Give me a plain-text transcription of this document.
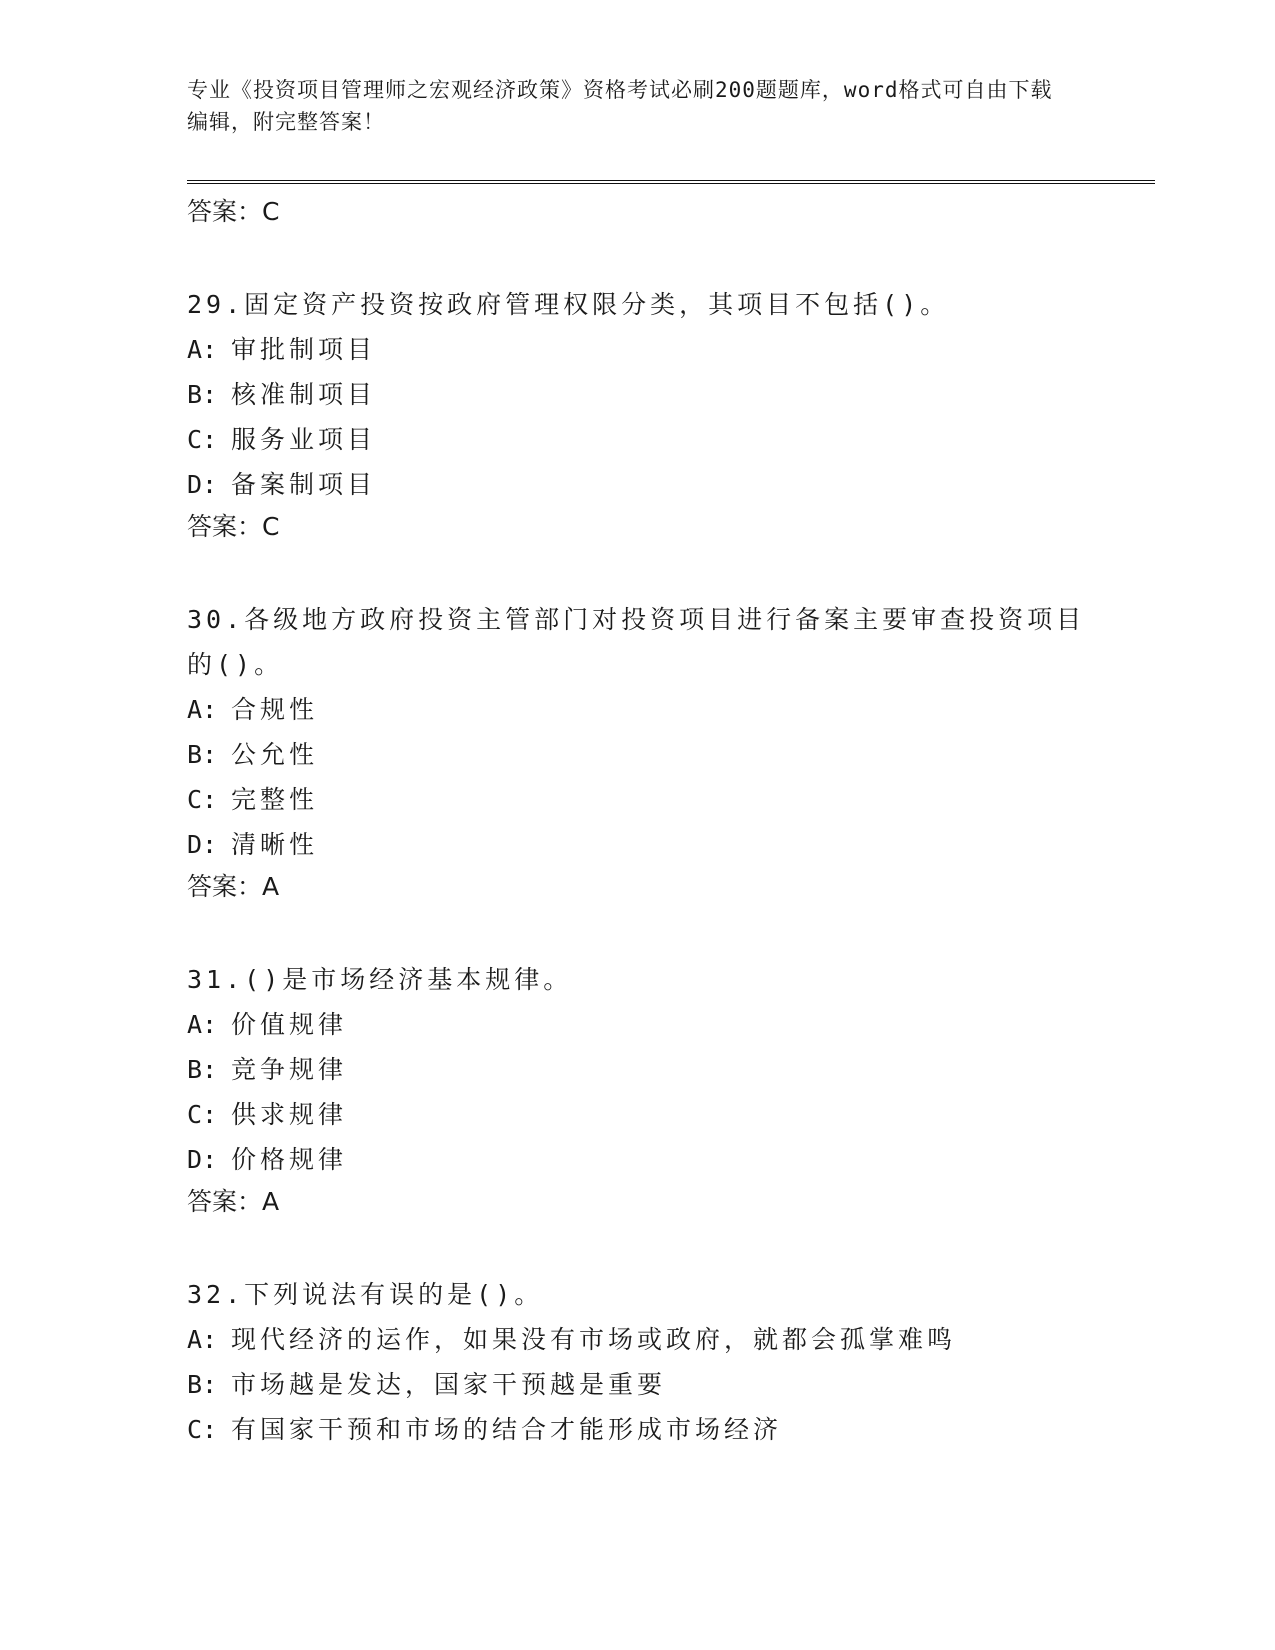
专业《投资项目管理师之宏观经济政策》资格考试必刷200题题库，word格式可自由下载编辑，附完整答案！
答案：C
29.固定资产投资按政府管理权限分类，其项目不包括()。
A: 审批制项目
B: 核准制项目
C: 服务业项目
D: 备案制项目
答案：C
30.各级地方政府投资主管部门对投资项目进行备案主要审查投资项目的()。
A: 合规性
B: 公允性
C: 完整性
D: 清晰性
答案：A
31.()是市场经济基本规律。
A: 价值规律
B: 竞争规律
C: 供求规律
D: 价格规律
答案：A
32.下列说法有误的是()。
A: 现代经济的运作，如果没有市场或政府，就都会孤掌难鸣
B: 市场越是发达，国家干预越是重要
C: 有国家干预和市场的结合才能形成市场经济
